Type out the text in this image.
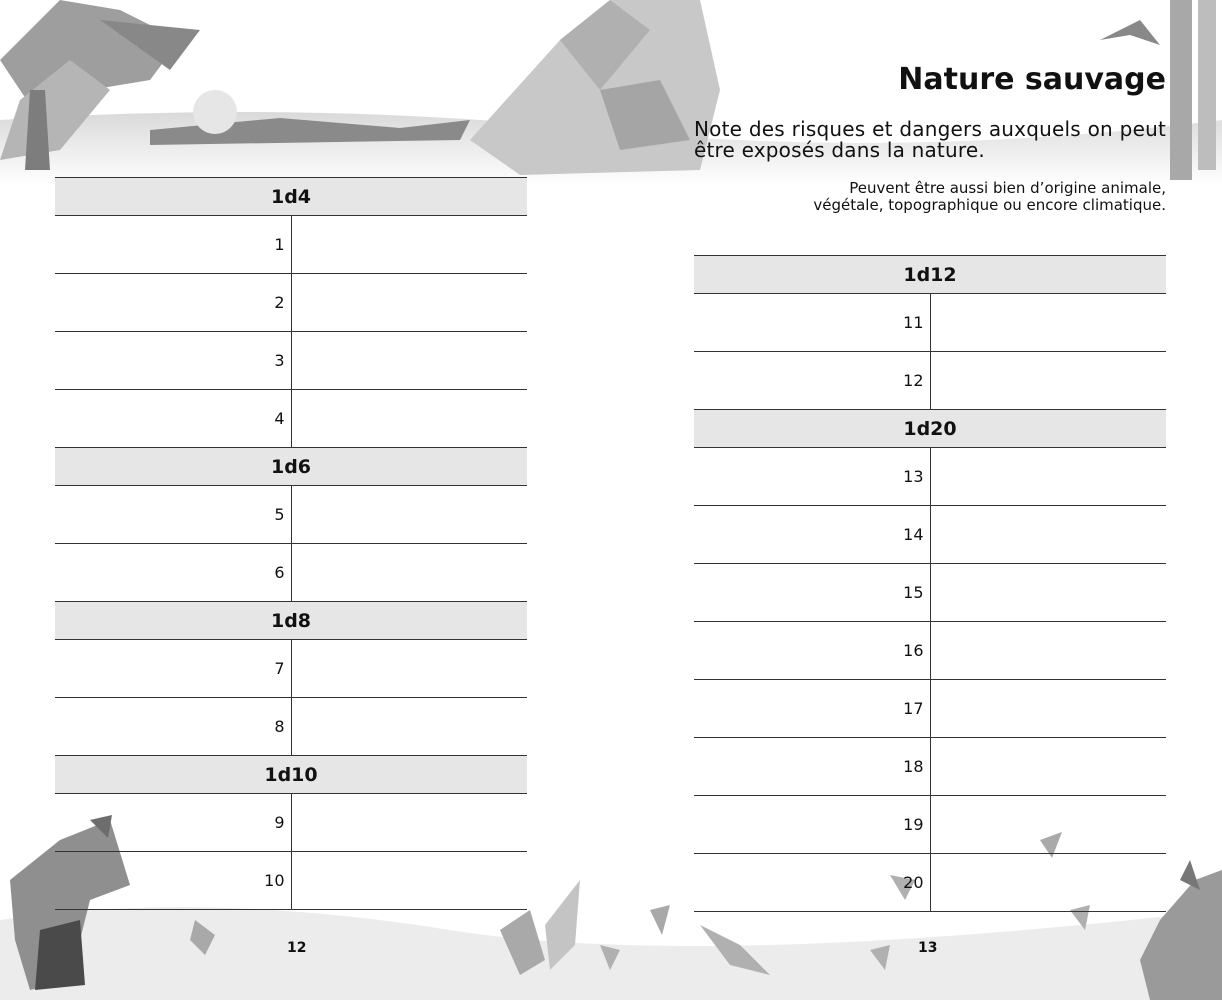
Nature sauvage

Note des risques et dangers auxquels on peut être exposés dans la nature.

Peuvent être aussi bien d’origine animale,
végétale, topographique ou encore climatique.

1d4	
1	
2	
3	
4	
1d6	
5	
6	
1d8	
7	
8	
1d10	
9	
10	
1d12	
11	
12	
1d20	
13	
14	
15	
16	
17	
18	
19	
20	
12	13
